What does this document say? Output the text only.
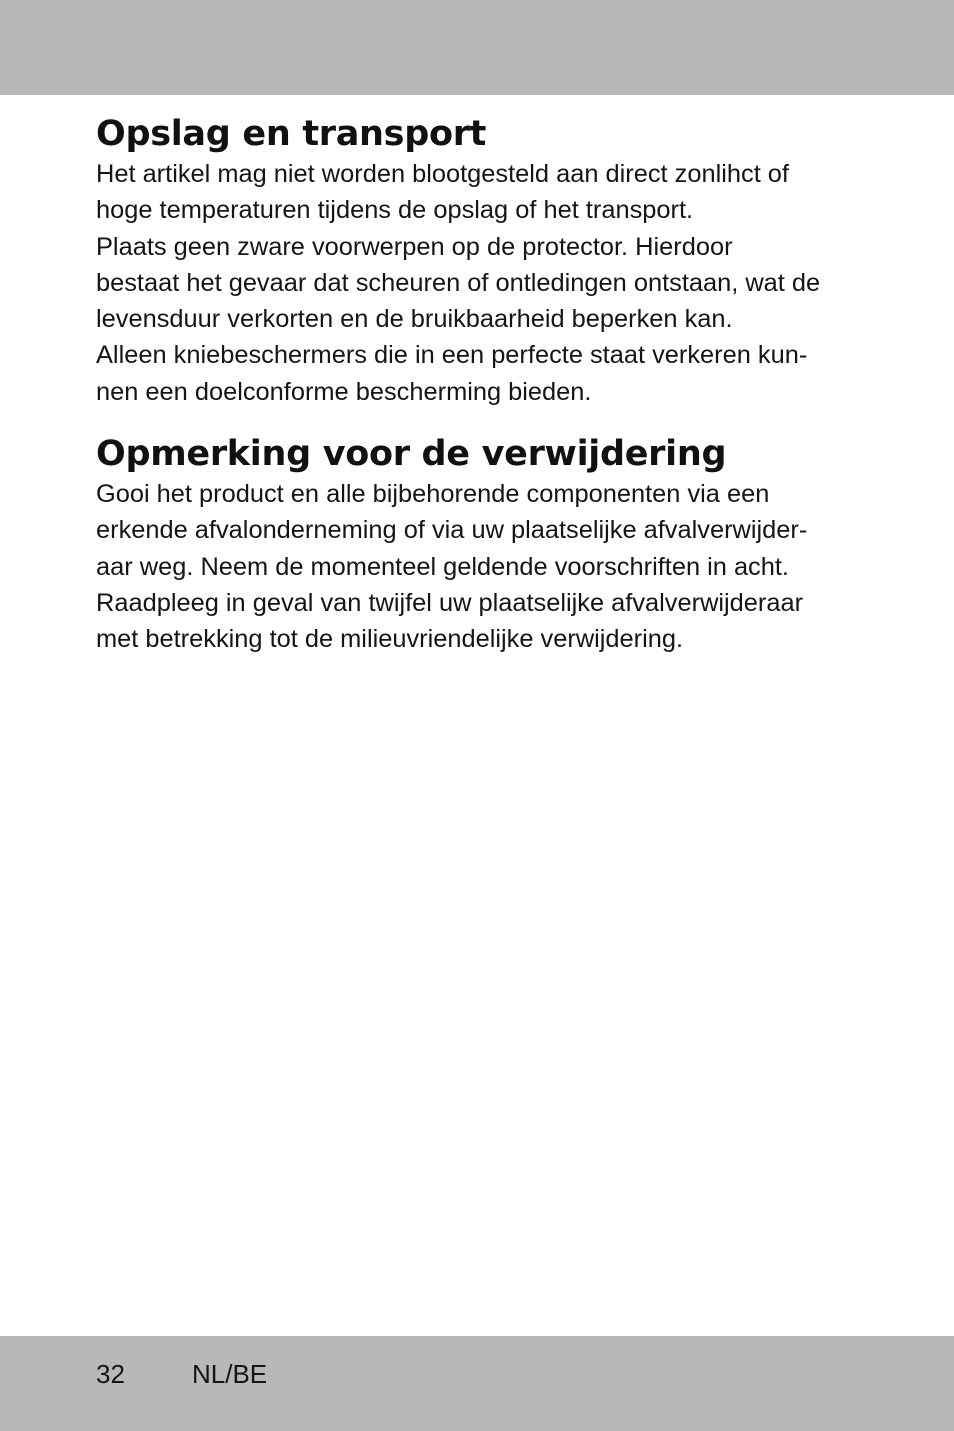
Opslag en transport

Het artikel mag niet worden blootgesteld aan direct zonlihct of
hoge temperaturen tijdens de opslag of het transport.
Plaats geen zware voorwerpen op de protector. Hierdoor
bestaat het gevaar dat scheuren of ontledingen ontstaan, wat de
levensduur verkorten en de bruikbaarheid beperken kan.
Alleen kniebeschermers die in een perfecte staat verkeren kun-
nen een doelconforme bescherming bieden.

Opmerking voor de verwijdering

Gooi het product en alle bijbehorende componenten via een
erkende afvalonderneming of via uw plaatselijke afvalverwijder-
aar weg. Neem de momenteel geldende voorschriften in acht.
Raadpleeg in geval van twijfel uw plaatselijke afvalverwijderaar
met betrekking tot de milieuvriendelijke verwijdering.

32	NL/BE
